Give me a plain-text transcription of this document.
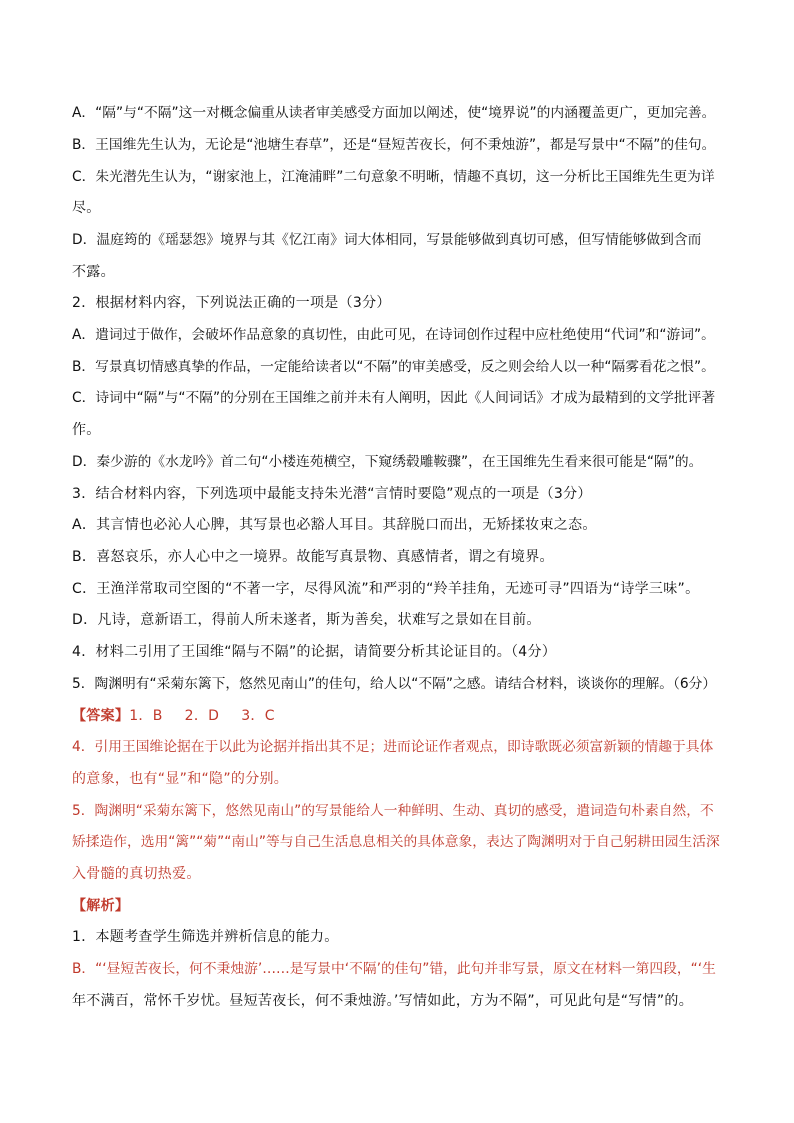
A．“隔”与“不隔”这一对概念偏重从读者审美感受方面加以阐述，使“境界说”的内涵覆盖更广，更加完善。
B．王国维先生认为，无论是“池塘生春草”，还是“昼短苦夜长，何不秉烛游”，都是写景中“不隔”的佳句。
C．朱光潜先生认为，“谢家池上，江淹浦畔”二句意象不明晰，情趣不真切，这一分析比王国维先生更为详
尽。
D．温庭筠的《瑶瑟怨》境界与其《忆江南》词大体相同，写景能够做到真切可感，但写情能够做到含而
不露。
2．根据材料内容，下列说法正确的一项是（3分）
A．遣词过于做作，会破坏作品意象的真切性，由此可见，在诗词创作过程中应杜绝使用“代词”和“游词”。
B．写景真切情感真挚的作品，一定能给读者以“不隔”的审美感受，反之则会给人以一种“隔雾看花之恨”。
C．诗词中“隔”与“不隔”的分别在王国维之前并未有人阐明，因此《人间词话》才成为最精到的文学批评著
作。
D．秦少游的《水龙吟》首二句“小楼连苑横空，下窥绣毂雕鞍骤”，在王国维先生看来很可能是“隔”的。
3．结合材料内容，下列选项中最能支持朱光潜“言情时要隐”观点的一项是（3分）
A．其言情也必沁人心脾，其写景也必豁人耳目。其辞脱口而出，无矫揉妆束之态。
B．喜怒哀乐，亦人心中之一境界。故能写真景物、真感情者，谓之有境界。
C．王渔洋常取司空图的“不著一字，尽得风流”和严羽的“羚羊挂角，无迹可寻”四语为“诗学三味”。
D．凡诗，意新语工，得前人所未遂者，斯为善矣，状难写之景如在目前。
4．材料二引用了王国维“隔与不隔”的论据，请简要分析其论证目的。（4分）
5．陶渊明有“采菊东篱下，悠然见南山”的佳句，给人以“不隔”之感。请结合材料，谈谈你的理解。（6分）
【答案】1．B 2．D 3．C
4．引用王国维论据在于以此为论据并指出其不足；进而论证作者观点，即诗歌既必须富新颖的情趣于具体
的意象，也有“显”和“隐”的分别。
5．陶渊明“采菊东篱下，悠然见南山”的写景能给人一种鲜明、生动、真切的感受，遣词造句朴素自然，不
矫揉造作，选用“篱”“菊”“南山”等与自己生活息息相关的具体意象，表达了陶渊明对于自己躬耕田园生活深
入骨髓的真切热爱。
【解析】
1．本题考查学生筛选并辨析信息的能力。
B．“‘昼短苦夜长，何不秉烛游’……是写景中‘不隔’的佳句”错，此句并非写景，原文在材料一第四段，“‘生
年不满百，常怀千岁忧。昼短苦夜长，何不秉烛游。’写情如此，方为不隔”，可见此句是“写情”的。
